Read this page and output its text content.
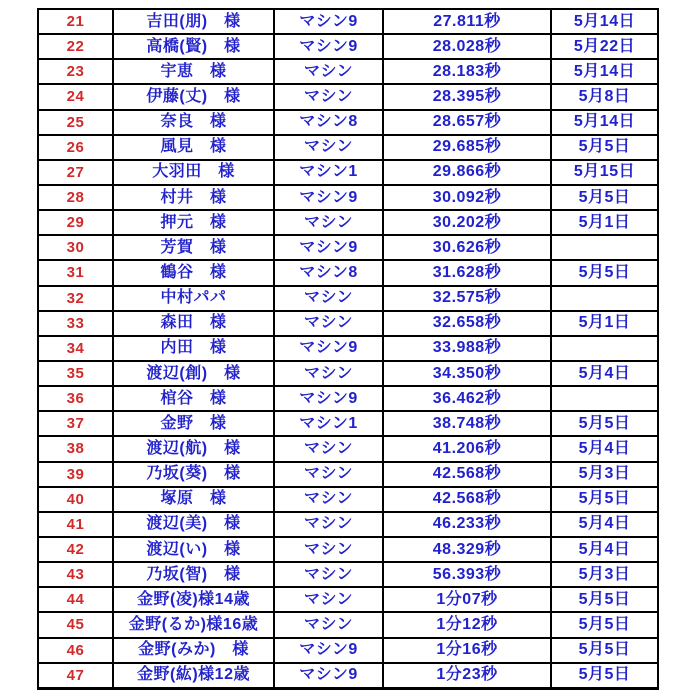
21	吉田(朋)　様	マシン9	27.811秒	5月14日
22	高橋(賢)　様	マシン9	28.028秒	5月22日
23	宇恵　様	マシン	28.183秒	5月14日
24	伊藤(丈)　様	マシン	28.395秒	5月8日
25	奈良　様	マシン8	28.657秒	5月14日
26	風見　様	マシン	29.685秒	5月5日
27	大羽田　様	マシン1	29.866秒	5月15日
28	村井　様	マシン9	30.092秒	5月5日
29	押元　様	マシン	30.202秒	5月1日
30	芳賀　様	マシン9	30.626秒	
31	鶴谷　様	マシン8	31.628秒	5月5日
32	中村パパ	マシン	32.575秒	
33	森田　様	マシン	32.658秒	5月1日
34	内田　様	マシン9	33.988秒	
35	渡辺(創)　様	マシン	34.350秒	5月4日
36	棺谷　様	マシン9	36.462秒	
37	金野　様	マシン1	38.748秒	5月5日
38	渡辺(航)　様	マシン	41.206秒	5月4日
39	乃坂(葵)　様	マシン	42.568秒	5月3日
40	塚原　様	マシン	42.568秒	5月5日
41	渡辺(美)　様	マシン	46.233秒	5月4日
42	渡辺(い)　様	マシン	48.329秒	5月4日
43	乃坂(智)　様	マシン	56.393秒	5月3日
44	金野(凌)様14歳	マシン	1分07秒	5月5日
45	金野(るか)様16歳	マシン	1分12秒	5月5日
46	金野(みか)　様	マシン9	1分16秒	5月5日
47	金野(紘)様12歳	マシン9	1分23秒	5月5日
